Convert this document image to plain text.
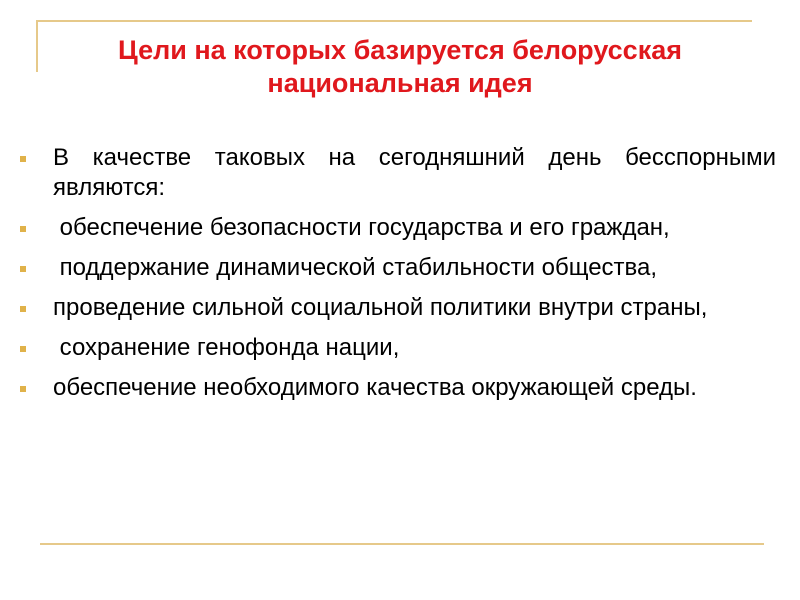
Цели на которых базируется белорусская
национальная идея
В качестве таковых на сегодняшний день бесспорными являются:
обеспечение безопасности государства и его граждан,
поддержание динамической стабильности общества,
проведение сильной социальной политики внутри страны,
сохранение генофонда нации,
обеспечение необходимого качества окружающей среды.
